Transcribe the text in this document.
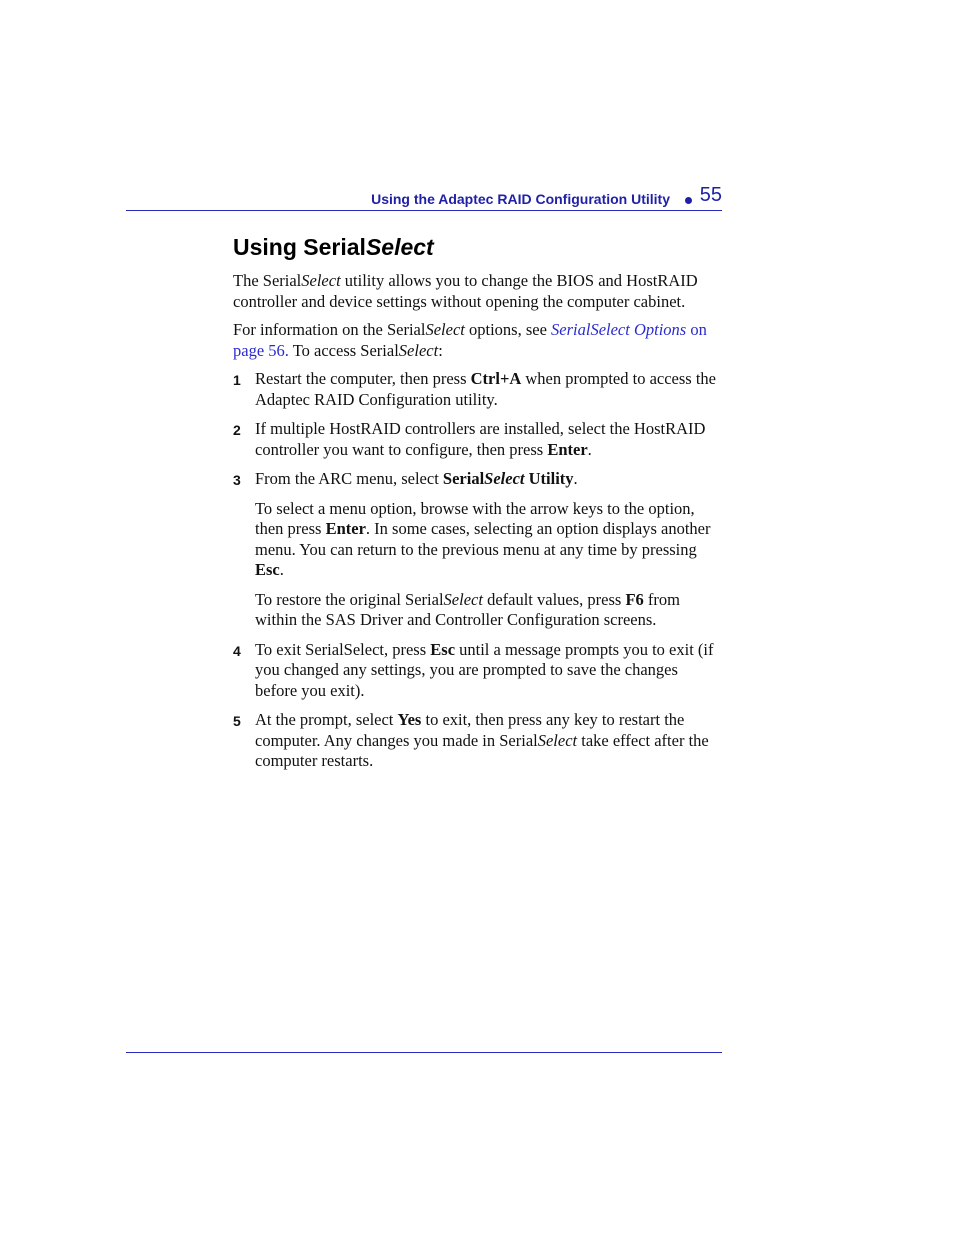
Using the Adaptec RAID Configuration Utility 55
Using SerialSelect

The SerialSelect utility allows you to change the BIOS and HostRAID controller and device settings without opening the computer cabinet.

For information on the SerialSelect options, see SerialSelect Options on page 56. To access SerialSelect:

1 Restart the computer, then press Ctrl+A when prompted to access the Adaptec RAID Configuration utility.

2 If multiple HostRAID controllers are installed, select the HostRAID controller you want to configure, then press Enter.

3 From the ARC menu, select SerialSelect Utility.

To select a menu option, browse with the arrow keys to the option, then press Enter. In some cases, selecting an option displays another menu. You can return to the previous menu at any time by pressing Esc.

To restore the original SerialSelect default values, press F6 from within the SAS Driver and Controller Configuration screens.

4 To exit SerialSelect, press Esc until a message prompts you to exit (if you changed any settings, you are prompted to save the changes before you exit).

5 At the prompt, select Yes to exit, then press any key to restart the computer. Any changes you made in SerialSelect take effect after the computer restarts.
